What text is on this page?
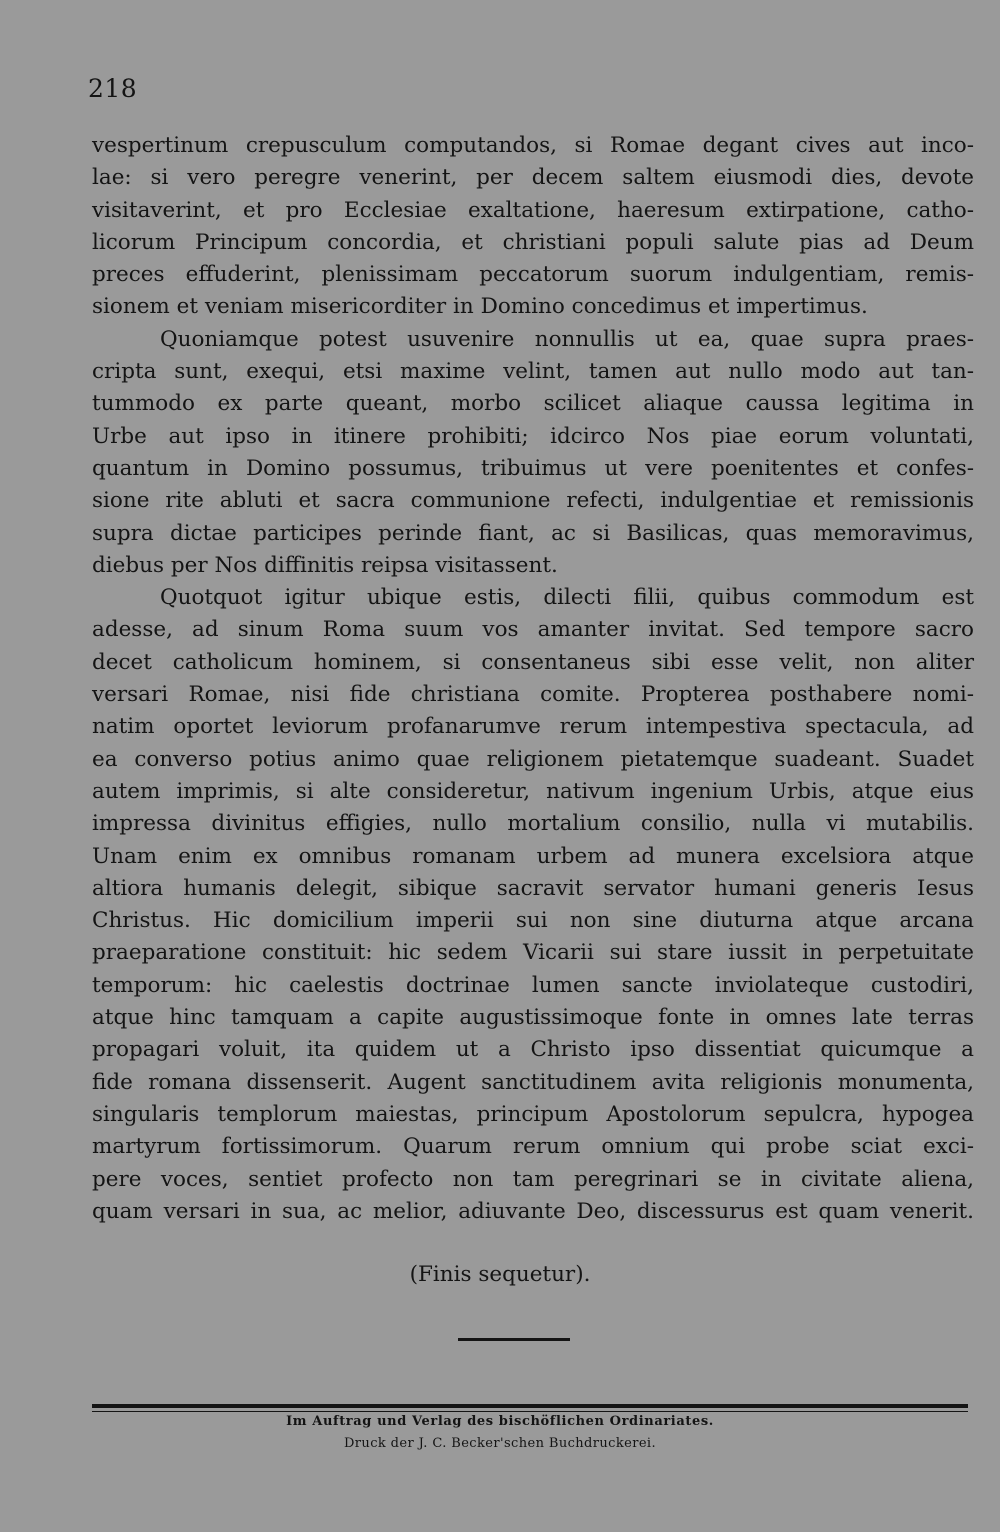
218
vespertinum crepusculum computandos, si Romae degant cives aut inco-
lae: si vero peregre venerint, per decem saltem eiusmodi dies, devote
visitaverint, et pro Ecclesiae exaltatione, haeresum extirpatione, catho-
licorum Principum concordia, et christiani populi salute pias ad Deum
preces effuderint, plenissimam peccatorum suorum indulgentiam, remis-
sionem et veniam misericorditer in Domino concedimus et impertimus.
Quoniamque potest usuvenire nonnullis ut ea, quae supra praes-
cripta sunt, exequi, etsi maxime velint, tamen aut nullo modo aut tan-
tummodo ex parte queant, morbo scilicet aliaque caussa legitima in
Urbe aut ipso in itinere prohibiti; idcirco Nos piae eorum voluntati,
quantum in Domino possumus, tribuimus ut vere poenitentes et confes-
sione rite abluti et sacra communione refecti, indulgentiae et remissionis
supra dictae participes perinde fiant, ac si Basilicas, quas memoravimus,
diebus per Nos diffinitis reipsa visitassent.
Quotquot igitur ubique estis, dilecti filii, quibus commodum est
adesse, ad sinum Roma suum vos amanter invitat. Sed tempore sacro
decet catholicum hominem, si consentaneus sibi esse velit, non aliter
versari Romae, nisi fide christiana comite. Propterea posthabere nomi-
natim oportet leviorum profanarumve rerum intempestiva spectacula, ad
ea converso potius animo quae religionem pietatemque suadeant. Suadet
autem imprimis, si alte consideretur, nativum ingenium Urbis, atque eius
impressa divinitus effigies, nullo mortalium consilio, nulla vi mutabilis.
Unam enim ex omnibus romanam urbem ad munera excelsiora atque
altiora humanis delegit, sibique sacravit servator humani generis Iesus
Christus. Hic domicilium imperii sui non sine diuturna atque arcana
praeparatione constituit: hic sedem Vicarii sui stare iussit in perpetuitate
temporum: hic caelestis doctrinae lumen sancte inviolateque custodiri,
atque hinc tamquam a capite augustissimoque fonte in omnes late terras
propagari voluit, ita quidem ut a Christo ipso dissentiat quicumque a
fide romana dissenserit. Augent sanctitudinem avita religionis monumenta,
singularis templorum maiestas, principum Apostolorum sepulcra, hypogea
martyrum fortissimorum. Quarum rerum omnium qui probe sciat exci-
pere voces, sentiet profecto non tam peregrinari se in civitate aliena,
quam versari in sua, ac melior, adiuvante Deo, discessurus est quam venerit.
(Finis sequetur).
Im Auftrag und Verlag des bischöflichen Ordinariates.
Druck der J. C. Becker'schen Buchdruckerei.
